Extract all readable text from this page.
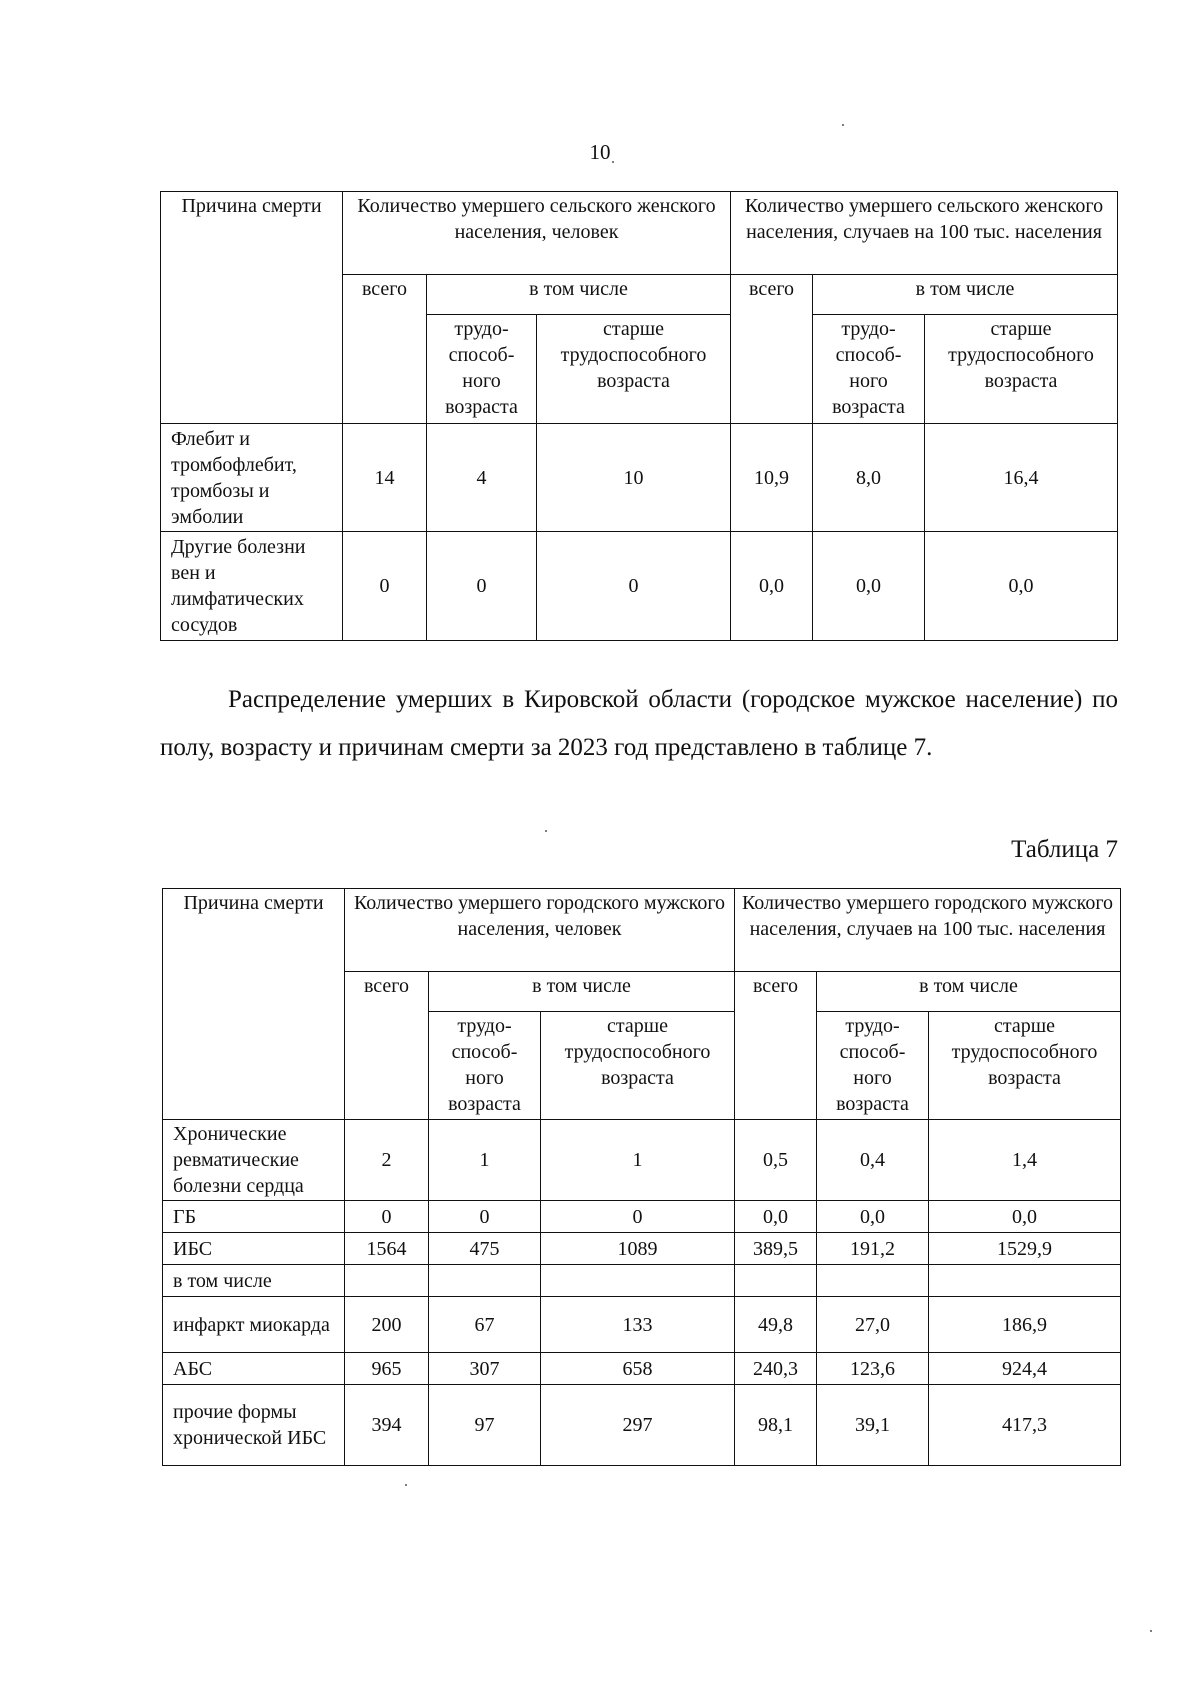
10
Причина смерти	Количество умершего сельского женского населения, человек			Количество умершего сельского женского населения, случаев на 100 тыс. населения		
	всего	в том числе		всего	в том числе	
		трудо-способ-ного возраста	старше трудоспособного возраста		трудо-способ-ного возраста	старше трудоспособного возраста
Флебит и тромбофлебит, тромбозы и эмболии	14	4	10	10,9	8,0	16,4
Другие болезни вен и лимфатических сосудов	0	0	0	0,0	0,0	0,0

Распределение умерших в Кировской области (городское мужское население) по полу, возрасту и причинам смерти за 2023 год представлено в таблице 7.

Таблица 7
Причина смерти	Количество умершего городского мужского населения, человек			Количество умершего городского мужского населения, случаев на 100 тыс. населения		
	всего	в том числе		всего	в том числе	
		трудо-способ-ного возраста	старше трудоспособного возраста		трудо-способ-ного возраста	старше трудоспособного возраста
Хронические ревматические болезни сердца	2	1	1	0,5	0,4	1,4
ГБ	0	0	0	0,0	0,0	0,0
ИБС	1564	475	1089	389,5	191,2	1529,9
в том числе						
инфаркт миокарда	200	67	133	49,8	27,0	186,9
АБС	965	307	658	240,3	123,6	924,4
прочие формы хронической ИБС	394	97	297	98,1	39,1	417,3
